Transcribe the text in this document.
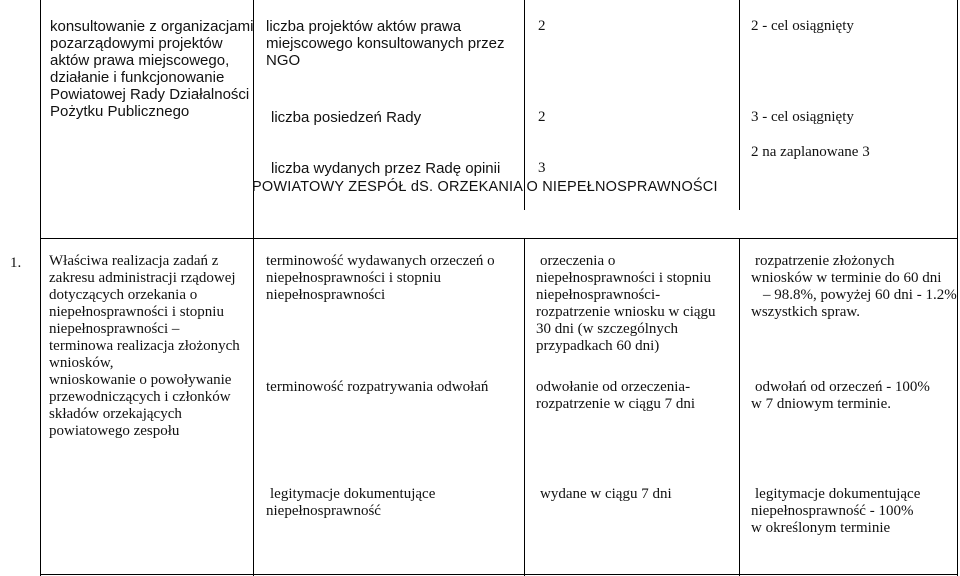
konsultowanie z organizacjami
pozarządowymi projektów
aktów prawa miejscowego,
działanie i funkcjonowanie
Powiatowej Rady Działalności
Pożytku Publicznego
liczba projektów aktów prawa
miejscowego konsultowanych przez
NGO
liczba posiedzeń Rady
liczba wydanych przez Radę opinii
2
2
3
2 - cel osiągnięty
3 - cel osiągnięty
2 na zaplanowane 3
POWIATOWY ZESPÓŁ dS. ORZEKANIA O NIEPEŁNOSPRAWNOŚCI
1. Właściwa realizacja zadań z
zakresu administracji rządowej
dotyczących orzekania o
niepełnosprawności i stopniu
niepełnosprawności –
terminowa realizacja złożonych
wniosków,
wnioskowanie o powoływanie
przewodniczących i członków
składów orzekających
powiatowego zespołu
terminowość wydawanych orzeczeń o
niepełnosprawności i stopniu
niepełnosprawności
terminowość rozpatrywania odwołań
legitymacje dokumentujące
niepełnosprawność
orzeczenia o
niepełnosprawności i stopniu
niepełnosprawności-
rozpatrzenie wniosku w ciągu
30 dni (w szczególnych
przypadkach 60 dni)
odwołanie od orzeczenia-
rozpatrzenie w ciągu 7 dni
wydane w ciągu 7 dni
rozpatrzenie złożonych
wniosków w terminie do 60 dni
– 98.8%, powyżej 60 dni - 1.2%
wszystkich spraw.
odwołań od orzeczeń - 100%
w 7 dniowym terminie.
legitymacje dokumentujące
niepełnosprawność - 100%
w określonym terminie
